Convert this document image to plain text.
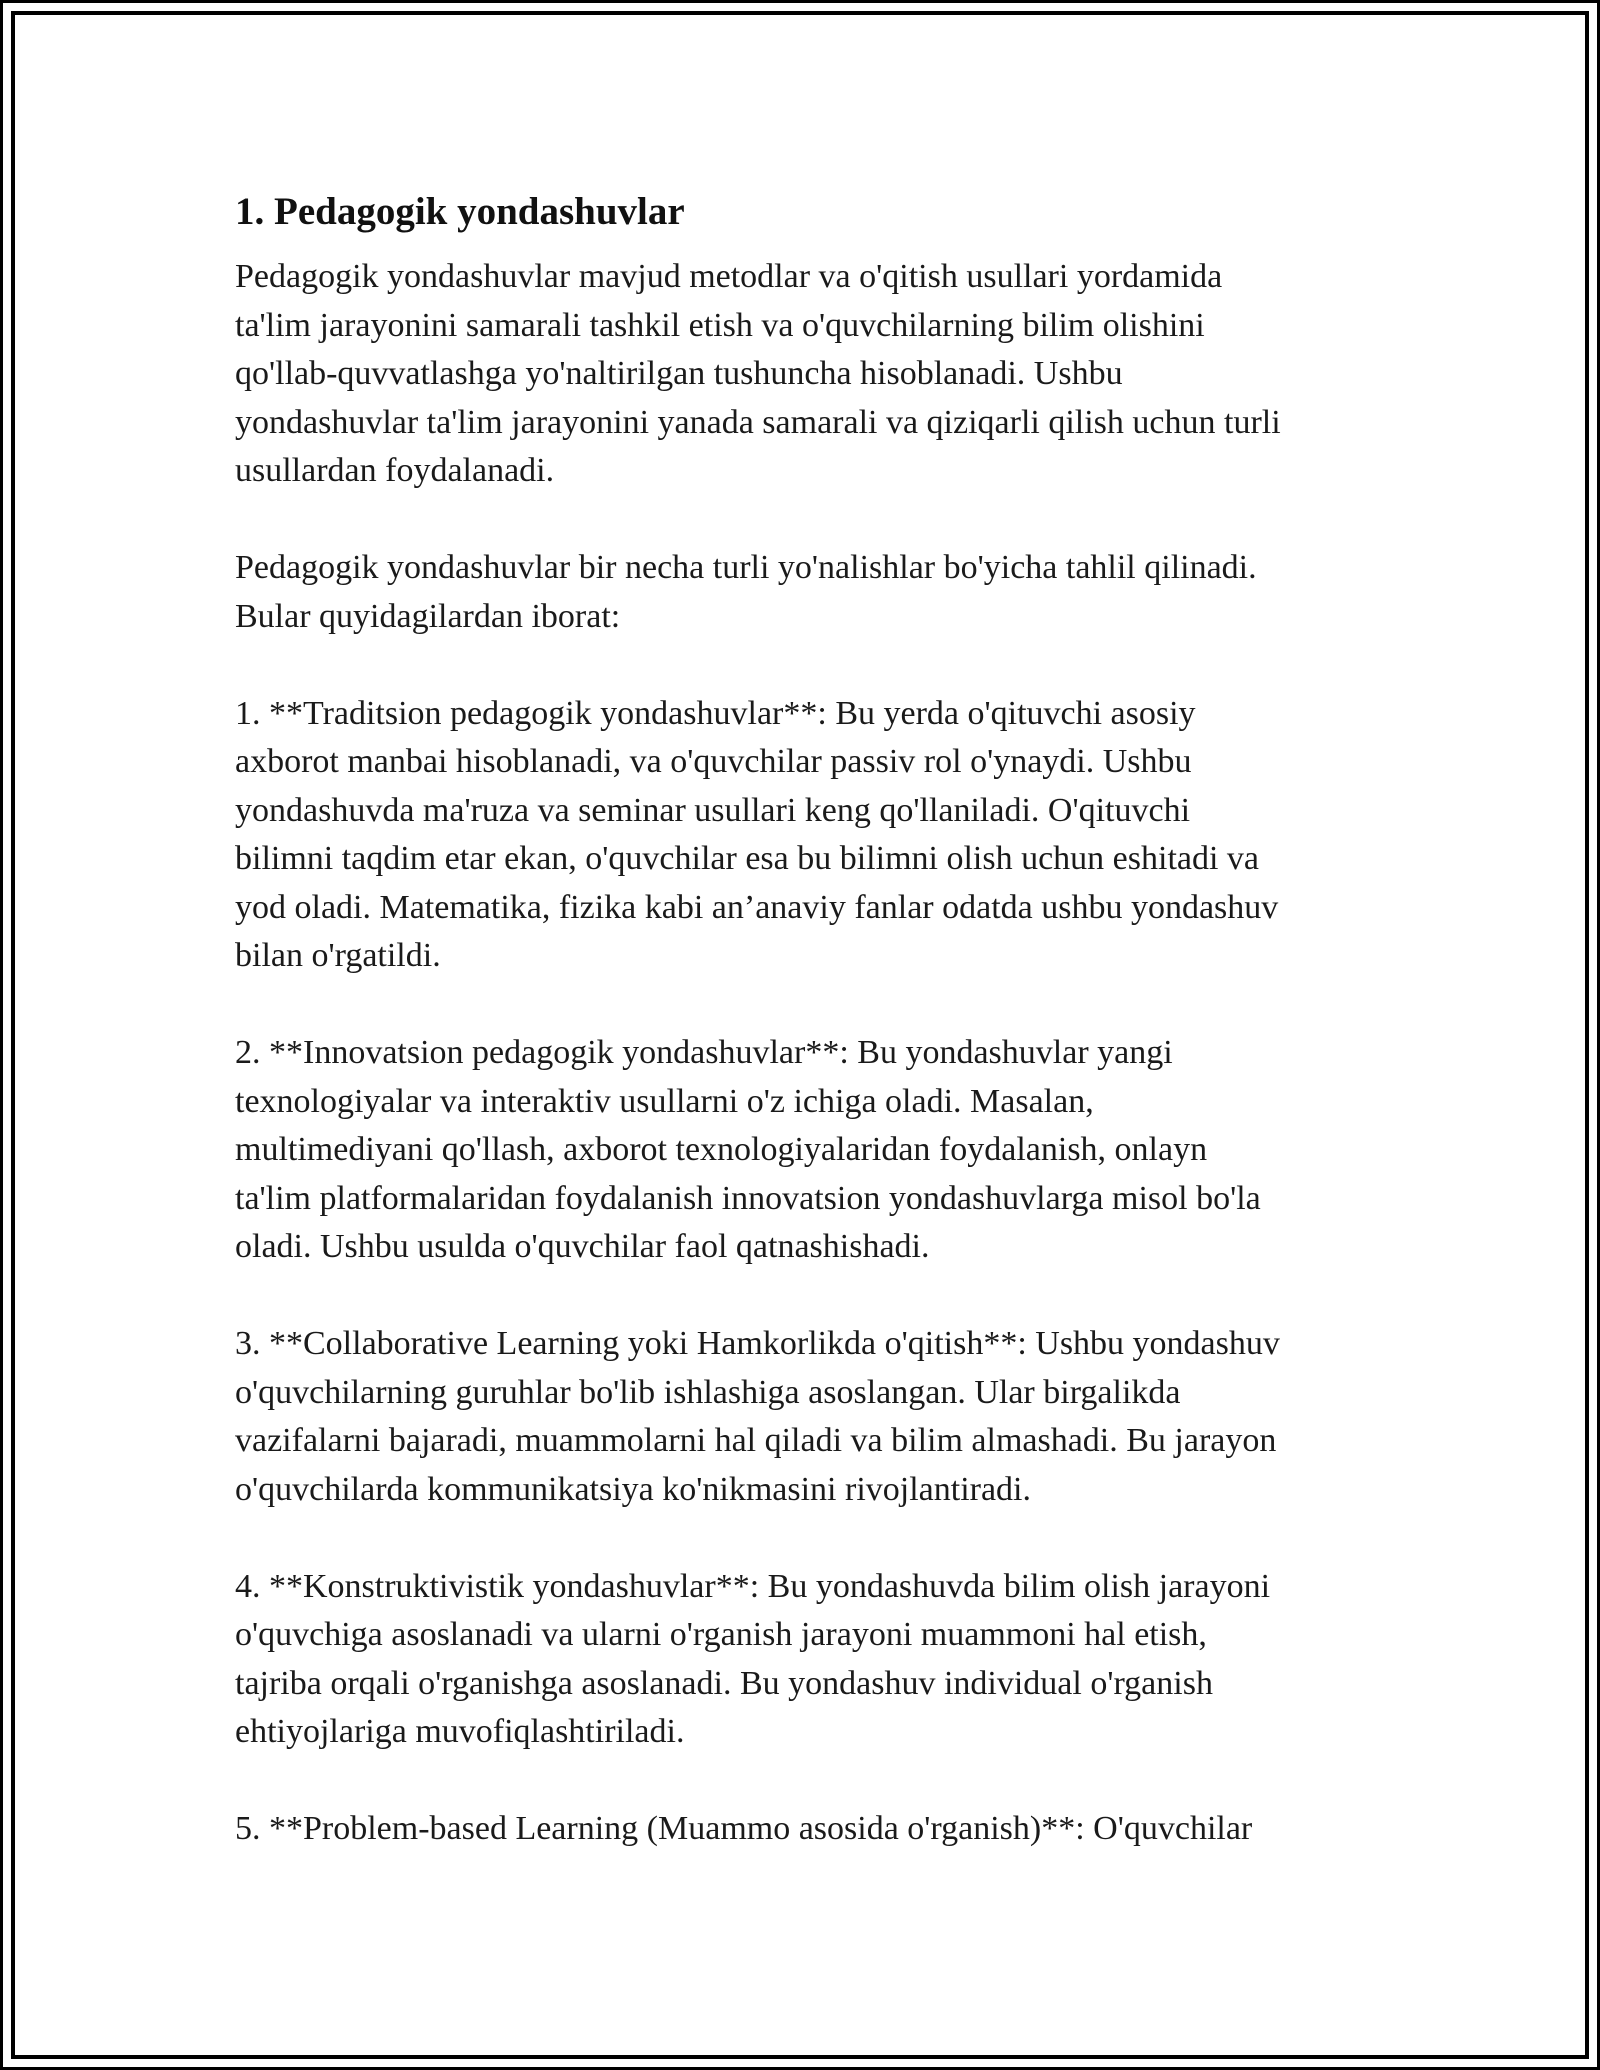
1. Pedagogik yondashuvlar
Pedagogik yondashuvlar mavjud metodlar va o'qitish usullari yordamida
ta'lim jarayonini samarali tashkil etish va o'quvchilarning bilim olishini
qo'llab-quvvatlashga yo'naltirilgan tushuncha hisoblanadi. Ushbu
yondashuvlar ta'lim jarayonini yanada samarali va qiziqarli qilish uchun turli
usullardan foydalanadi.
Pedagogik yondashuvlar bir necha turli yo'nalishlar bo'yicha tahlil qilinadi.
Bular quyidagilardan iborat:
1. **Traditsion pedagogik yondashuvlar**: Bu yerda o'qituvchi asosiy
axborot manbai hisoblanadi, va o'quvchilar passiv rol o'ynaydi. Ushbu
yondashuvda ma'ruza va seminar usullari keng qo'llaniladi. O'qituvchi
bilimni taqdim etar ekan, o'quvchilar esa bu bilimni olish uchun eshitadi va
yod oladi. Matematika, fizika kabi an’anaviy fanlar odatda ushbu yondashuv
bilan o'rgatildi.
2. **Innovatsion pedagogik yondashuvlar**: Bu yondashuvlar yangi
texnologiyalar va interaktiv usullarni o'z ichiga oladi. Masalan,
multimediyani qo'llash, axborot texnologiyalaridan foydalanish, onlayn
ta'lim platformalaridan foydalanish innovatsion yondashuvlarga misol bo'la
oladi. Ushbu usulda o'quvchilar faol qatnashishadi.
3. **Collaborative Learning yoki Hamkorlikda o'qitish**: Ushbu yondashuv
o'quvchilarning guruhlar bo'lib ishlashiga asoslangan. Ular birgalikda
vazifalarni bajaradi, muammolarni hal qiladi va bilim almashadi. Bu jarayon
o'quvchilarda kommunikatsiya ko'nikmasini rivojlantiradi.
4. **Konstruktivistik yondashuvlar**: Bu yondashuvda bilim olish jarayoni
o'quvchiga asoslanadi va ularni o'rganish jarayoni muammoni hal etish,
tajriba orqali o'rganishga asoslanadi. Bu yondashuv individual o'rganish
ehtiyojlariga muvofiqlashtiriladi.
5. **Problem-based Learning (Muammo asosida o'rganish)**: O'quvchilar
